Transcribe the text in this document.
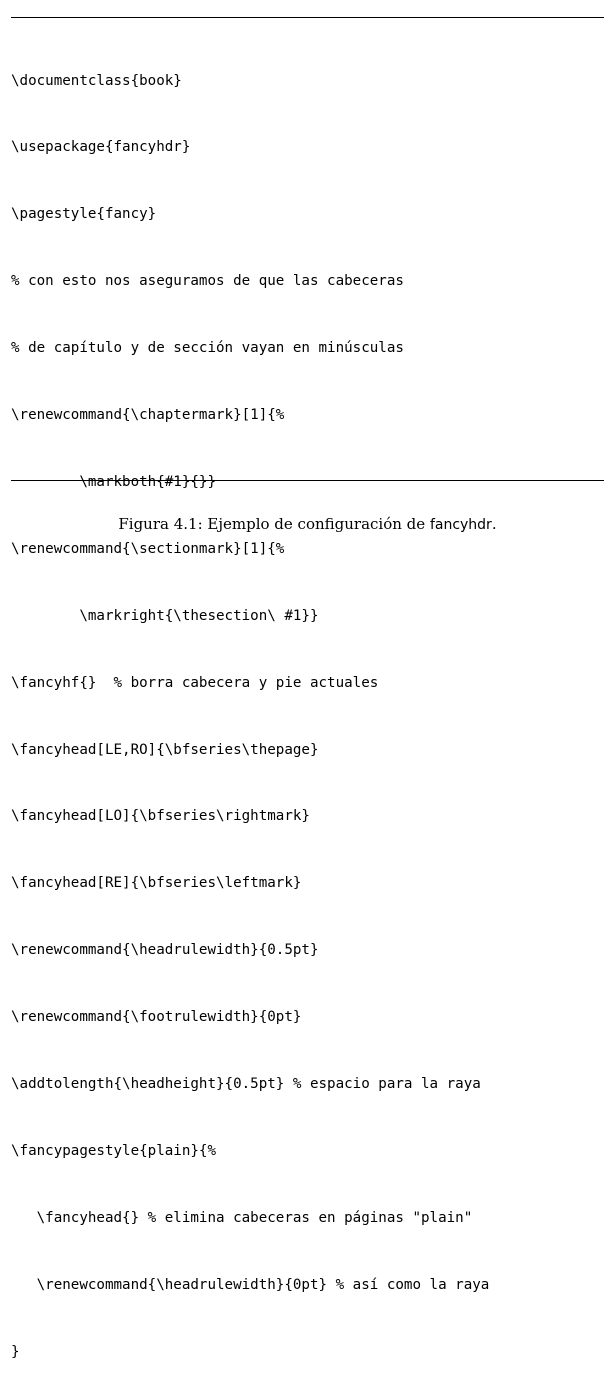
\documentclass{book}

\usepackage{fancyhdr}

\pagestyle{fancy}

% con esto nos aseguramos de que las cabeceras

% de capítulo y de sección vayan en minúsculas

\renewcommand{\chaptermark}[1]{%

\markboth{#1}{}}

\renewcommand{\sectionmark}[1]{%

\markright{\thesection\ #1}}

\fancyhf{}  % borra cabecera y pie actuales

\fancyhead[LE,RO]{\bfseries\thepage}

\fancyhead[LO]{\bfseries\rightmark}

\fancyhead[RE]{\bfseries\leftmark}

\renewcommand{\headrulewidth}{0.5pt}

\renewcommand{\footrulewidth}{0pt}

\addtolength{\headheight}{0.5pt} % espacio para la raya

\fancypagestyle{plain}{%

\fancyhead{} % elimina cabeceras en páginas "plain"

\renewcommand{\headrulewidth}{0pt} % así como la raya

}

Figura 4.1: Ejemplo de configuración de fancyhdr.
